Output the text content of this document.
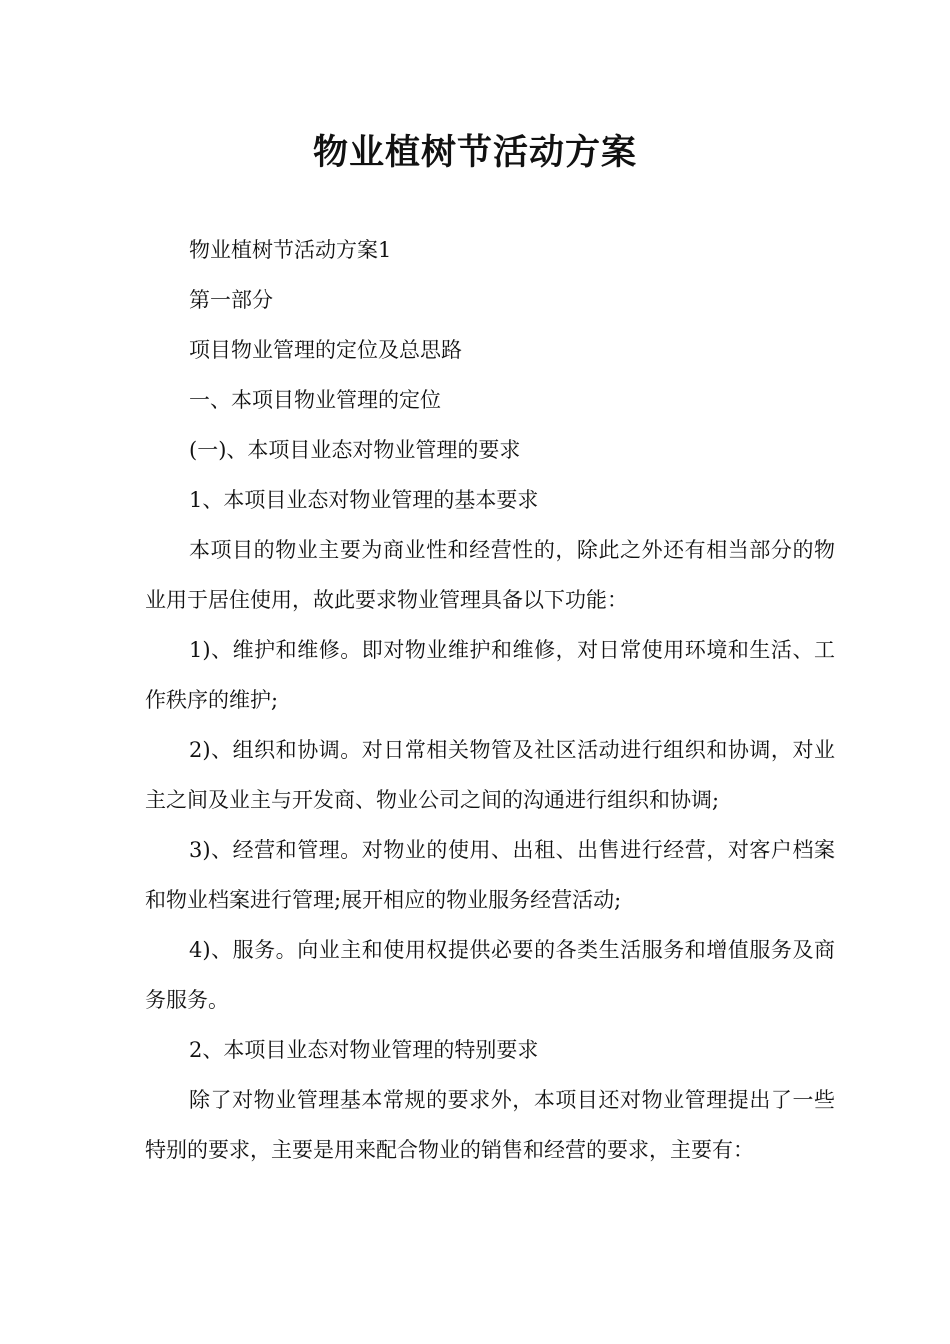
物业植树节活动方案

物业植树节活动方案1

第一部分

项目物业管理的定位及总思路

一、本项目物业管理的定位

(一)、本项目业态对物业管理的要求

1、本项目业态对物业管理的基本要求

本项目的物业主要为商业性和经营性的，除此之外还有相当部分的物业用于居住使用，故此要求物业管理具备以下功能：

1)、维护和维修。即对物业维护和维修，对日常使用环境和生活、工作秩序的维护;

2)、组织和协调。对日常相关物管及社区活动进行组织和协调，对业主之间及业主与开发商、物业公司之间的沟通进行组织和协调;

3)、经营和管理。对物业的使用、出租、出售进行经营，对客户档案和物业档案进行管理;展开相应的物业服务经营活动;

4)、服务。向业主和使用权提供必要的各类生活服务和增值服务及商务服务。

2、本项目业态对物业管理的特别要求

除了对物业管理基本常规的要求外，本项目还对物业管理提出了一些特别的要求，主要是用来配合物业的销售和经营的要求，主要有：
